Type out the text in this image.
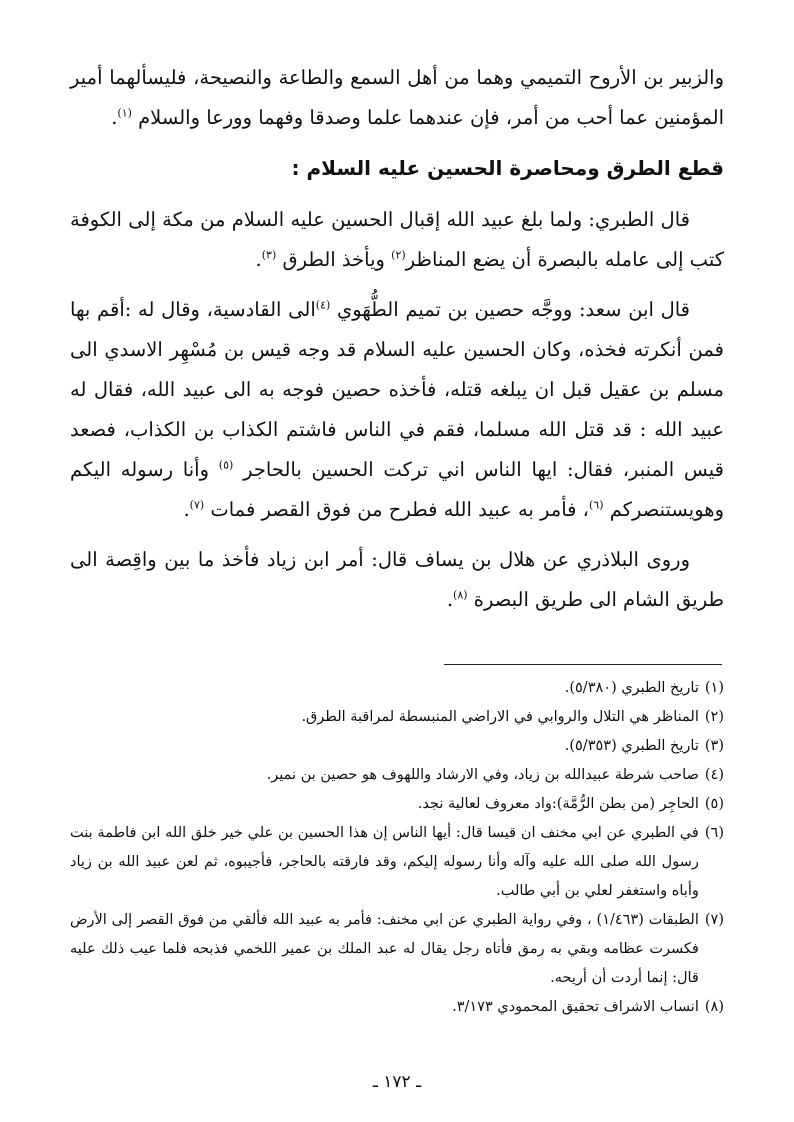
والزبير بن الأروح التميمي وهما من أهل السمع والطاعة والنصيحة، فليسألهما أمير المؤمنين عما أحب من أمر، فإن عندهما علما وصدقا وفهما وورعا والسلام $^{(١)}$.

قطع الطرق ومحاصرة الحسين عليه السلام :

قال الطبري: ولما بلغ عبيد الله إقبال الحسين عليه السلام من مكة إلى الكوفة كتب إلى عامله بالبصرة أن يضع المناظر$^{(٢)}$ ويأخذ الطرق $^{(٣)}$.

قال ابن سعد: ووجَّه حصين بن تميم الطُّهَوي $^{(٤)}$الى القادسية، وقال له :أقم بها فمن أنكرته فخذه، وكان الحسين عليه السلام قد وجه قيس بن مُسْهِر الاسدي الى مسلم بن عقيل قبل ان يبلغه قتله، فأخذه حصين فوجه به الى عبيد الله، فقال له عبيد الله : قد قتل الله مسلما، فقم في الناس فاشتم الكذاب بن الكذاب، فصعد قيس المنبر، فقال: ايها الناس اني تركت الحسين بالحاجر $^{(٥)}$ وأنا رسوله اليكم وهويستنصركم $^{(٦)}$، فأمر به عبيد الله فطرح من فوق القصر فمات $^{(٧)}$.

وروى البلاذري عن هلال بن يساف قال: أمر ابن زياد فأخذ ما بين واقِصة الى طريق الشام الى طريق البصرة $^{(٨)}$.

(١)
تاريخ الطبري (٥/٣٨٠).
(٢)
المناظر هي التلال والروابي في الاراضي المنبسطة لمراقبة الطرق.
(٣)
تاريخ الطبري (٥/٣٥٣).
(٤)
صاحب شرطة عبيدالله بن زياد، وفي الارشاد واللهوف هو حصين بن نمير.
(٥)
الحاجِر (من بطن الرُّمَّة):واد معروف لعالية نجد.
(٦)
في الطبري عن ابي مخنف ان قيسا قال: أيها الناس إن هذا الحسين بن علي خير خلق الله ابن فاطمة بنت رسول الله صلى الله عليه وآله وأنا رسوله إليكم، وقد فارقته بالحاجر، فأجيبوه، ثم لعن عبيد الله بن زياد وأباه واستغفر لعلي بن أبي طالب.
(٧)
الطبقات (١/٤٦٣) ، وفي رواية الطبري عن ابي مخنف: فأمر به عبيد الله فألقي من فوق القصر إلى الأرض فكسرت عظامه وبقي به رمق فأتاه رجل يقال له عبد الملك بن عمير اللخمي فذبحه فلما عيب ذلك عليه قال: إنما أردت أن أريحه.
(٨)
انساب الاشراف تحقيق المحمودي ٣/١٧٣.
ـ ١٧٢ ـ
